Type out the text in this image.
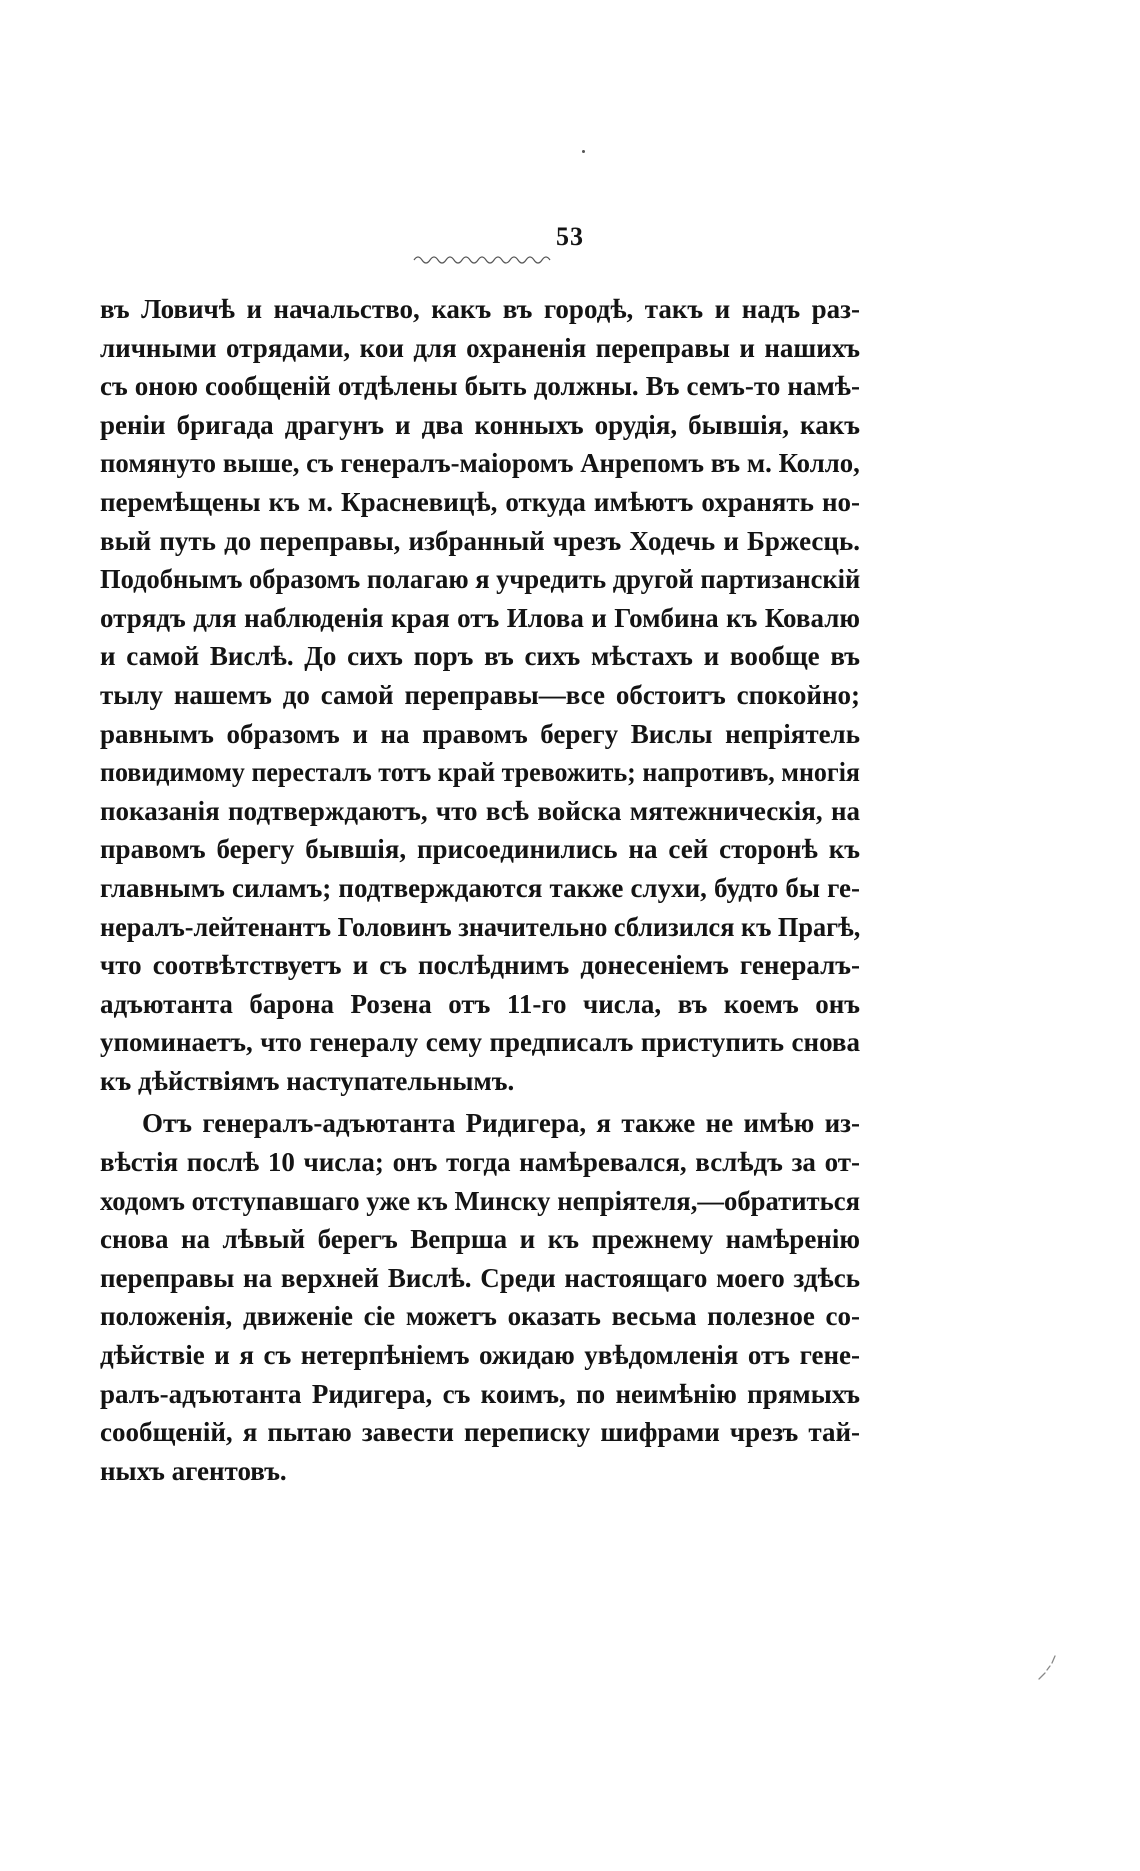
53
въ Ловичѣ и начальство, какъ въ городѣ, такъ и надъ раз-
личными отрядами, кои для охраненія переправы и нашихъ
съ оною сообщеній отдѣлены быть должны. Въ семъ-то намѣ-
реніи бригада драгунъ и два конныхъ орудія, бывшія, какъ
помянуто выше, съ генералъ-маіоромъ Анрепомъ въ м. Колло,
перемѣщены къ м. Красневицѣ, откуда имѣютъ охранять но-
вый путь до переправы, избранный чрезъ Ходечь и Бржесць.
Подобнымъ образомъ полагаю я учредить другой партизанскій
отрядъ для наблюденія края отъ Илова и Гомбина къ Ковалю
и самой Вислѣ. До сихъ поръ въ сихъ мѣстахъ и вообще въ
тылу нашемъ до самой переправы—все обстоитъ спокойно;
равнымъ образомъ и на правомъ берегу Вислы непріятель
повидимому пересталъ тотъ край тревожить; напротивъ, многія
показанія подтверждаютъ, что всѣ войска мятежническія, на
правомъ берегу бывшія, присоединились на сей сторонѣ къ
главнымъ силамъ; подтверждаются также слухи, будто бы ге-
нералъ-лейтенантъ Головинъ значительно сблизился къ Прагѣ,
что соотвѣтствуетъ и съ послѣднимъ донесеніемъ генералъ-
адъютанта барона Розена отъ 11-го числа, въ коемъ онъ
упоминаетъ, что генералу сему предписалъ приступить снова
къ дѣйствіямъ наступательнымъ.
Отъ генералъ-адъютанта Ридигера, я также не имѣю из-
вѣстія послѣ 10 числа; онъ тогда намѣревался, вслѣдъ за от-
ходомъ отступавшаго уже къ Минску непріятеля,—обратиться
снова на лѣвый берегъ Вепрша и къ прежнему намѣренію
переправы на верхней Вислѣ. Среди настоящаго моего здѣсь
положенія, движеніе сіе можетъ оказать весьма полезное со-
дѣйствіе и я съ нетерпѣніемъ ожидаю увѣдомленія отъ гене-
ралъ-адъютанта Ридигера, съ коимъ, по неимѣнію прямыхъ
сообщеній, я пытаю завести переписку шифрами чрезъ тай-
ныхъ агентовъ.
